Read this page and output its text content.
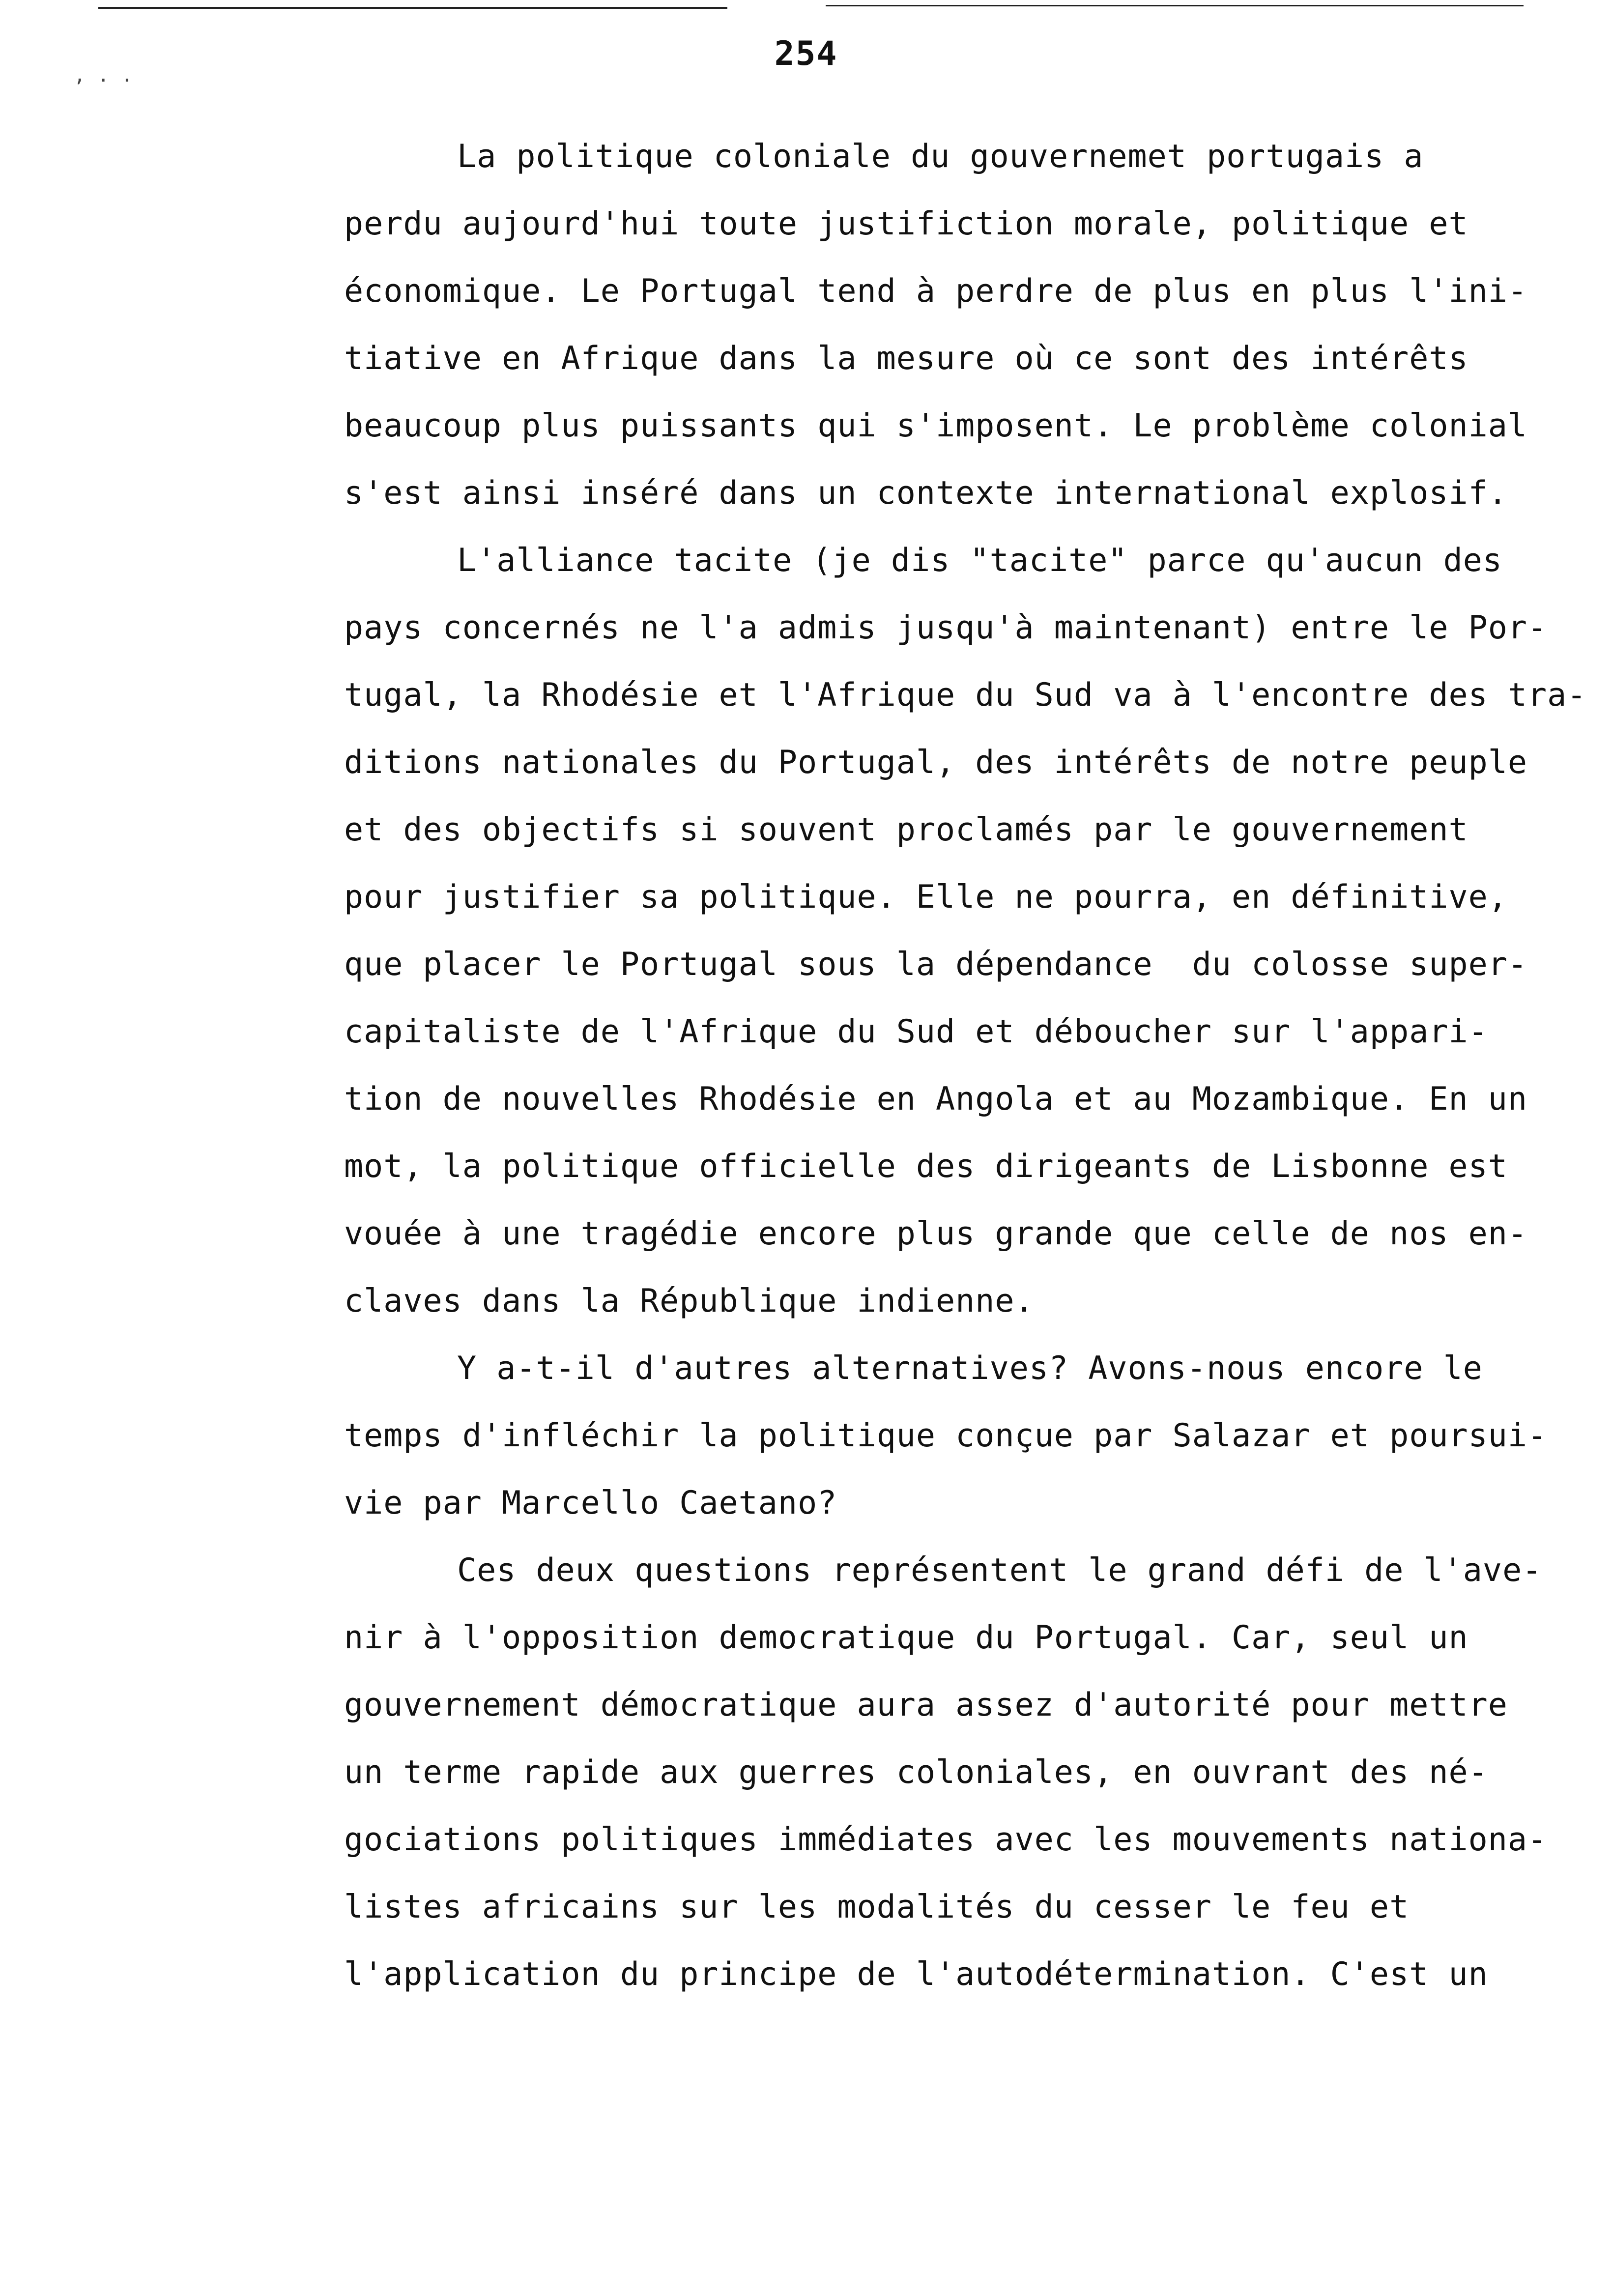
, . .
254
La politique coloniale du gouvernemet portugais a
perdu aujourd'hui toute justifiction morale, politique et
économique. Le Portugal tend à perdre de plus en plus l'ini-
tiative en Afrique dans la mesure où ce sont des intérêts
beaucoup plus puissants qui s'imposent. Le problème colonial
s'est ainsi inséré dans un contexte international explosif.
L'alliance tacite (je dis "tacite" parce qu'aucun des
pays concernés ne l'a admis jusqu'à maintenant) entre le Por-
tugal, la Rhodésie et l'Afrique du Sud va à l'encontre des tra-
ditions nationales du Portugal, des intérêts de notre peuple
et des objectifs si souvent proclamés par le gouvernement
pour justifier sa politique. Elle ne pourra, en définitive,
que placer le Portugal sous la dépendance  du colosse super-
capitaliste de l'Afrique du Sud et déboucher sur l'appari-
tion de nouvelles Rhodésie en Angola et au Mozambique. En un
mot, la politique officielle des dirigeants de Lisbonne est
vouée à une tragédie encore plus grande que celle de nos en-
claves dans la République indienne.
Y a-t-il d'autres alternatives? Avons-nous encore le
temps d'infléchir la politique conçue par Salazar et poursui-
vie par Marcello Caetano?
Ces deux questions représentent le grand défi de l'ave-
nir à l'opposition democratique du Portugal. Car, seul un
gouvernement démocratique aura assez d'autorité pour mettre
un terme rapide aux guerres coloniales, en ouvrant des né-
gociations politiques immédiates avec les mouvements nationa-
listes africains sur les modalités du cesser le feu et
l'application du principe de l'autodétermination. C'est un
